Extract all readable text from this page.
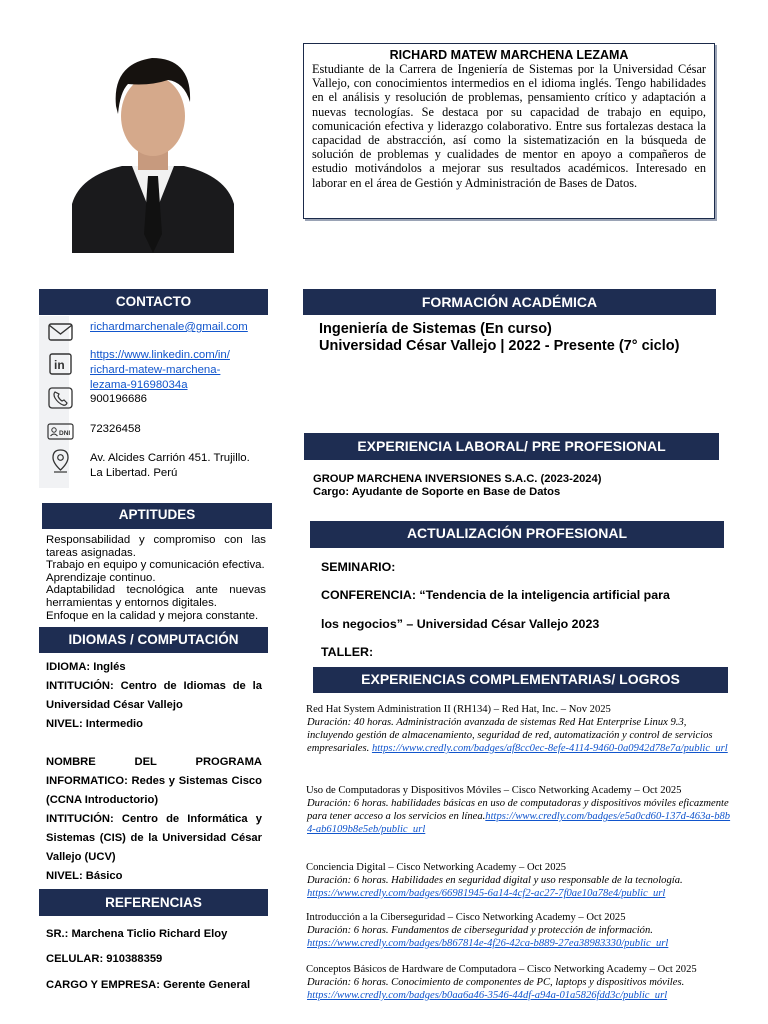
RICHARD MATEW MARCHENA LEZAMA
Estudiante de la Carrera de Ingeniería de Sistemas por la Universidad César Vallejo, con conocimientos intermedios en el idioma inglés. Tengo habilidades en el análisis y resolución de problemas, pensamiento crítico y adaptación a nuevas tecnologías. Se destaca por su capacidad de trabajo en equipo, comunicación efectiva y liderazgo colaborativo. Entre sus fortalezas destaca la capacidad de abstracción, así como la sistematización en la búsqueda de solución de problemas y cualidades de mentor en apoyo a compañeros de estudio motivándolos a mejorar sus resultados académicos. Interesado en laborar en el área de Gestión y Administración de Bases de Datos.
CONTACTO
in
DNI
richardmarchenale@gmail.com
https://www.linkedin.com/in/
richard-matew-marchena-
lezama-91698034a
900196686
72326458
Av. Alcides Carrión 451. Trujillo.
La Libertad. Perú
APTITUDES
Responsabilidad y compromiso con las tareas asignadas.
Trabajo en equipo y comunicación efectiva.
Aprendizaje continuo.
Adaptabilidad tecnológica ante nuevas herramientas y entornos digitales.
Enfoque en la calidad y mejora constante.
IDIOMAS / COMPUTACIÓN
IDIOMA: Inglés
INTITUCIÓN: Centro de Idiomas de la Universidad César Vallejo
NIVEL: Intermedio
NOMBRE DEL PROGRAMA INFORMATICO: Redes y Sistemas Cisco (CCNA Introductorio)
INTITUCIÓN: Centro de Informática y Sistemas (CIS) de la Universidad César Vallejo (UCV)
NIVEL: Básico
REFERENCIAS
SR.: Marchena Ticlio Richard Eloy
CELULAR: 910388359
CARGO Y EMPRESA: Gerente General
FORMACIÓN ACADÉMICA
Ingeniería de Sistemas (En curso)
Universidad César Vallejo | 2022 - Presente (7° ciclo)
EXPERIENCIA LABORAL/ PRE PROFESIONAL
GROUP MARCHENA INVERSIONES S.A.C. (2023-2024)
Cargo: Ayudante de Soporte en Base de Datos
ACTUALIZACIÓN PROFESIONAL
SEMINARIO:
CONFERENCIA: “Tendencia de la inteligencia artificial para
los negocios” – Universidad César Vallejo 2023
TALLER:
EXPERIENCIAS COMPLEMENTARIAS/ LOGROS
Red Hat System Administration II (RH134) – Red Hat, Inc. – Nov 2025
Duración: 40 horas. Administración avanzada de sistemas Red Hat Enterprise Linux 9.3, incluyendo gestión de almacenamiento, seguridad de red, automatización y control de servicios empresariales. https://www.credly.com/badges/af8cc0ec-8efe-4114-9460-0a0942d78e7a/public_url
Uso de Computadoras y Dispositivos Móviles – Cisco Networking Academy – Oct 2025
Duración: 6 horas. habilidades básicas en uso de computadoras y dispositivos móviles eficazmente para tener acceso a los servicios en línea.https://www.credly.com/badges/e5a0cd60-137d-463a-b8b4-ab6109b8e5eb/public_url
Conciencia Digital – Cisco Networking Academy – Oct 2025
Duración: 6 horas. Habilidades en seguridad digital y uso responsable de la tecnología.
https://www.credly.com/badges/66981945-6a14-4cf2-ac27-7f0ae10a78e4/public_url
Introducción a la Ciberseguridad – Cisco Networking Academy – Oct 2025
Duración: 6 horas. Fundamentos de ciberseguridad y protección de información.
https://www.credly.com/badges/b867814e-4f26-42ca-b889-27ea38983330/public_url
Conceptos Básicos de Hardware de Computadora – Cisco Networking Academy – Oct 2025
Duración: 6 horas. Conocimiento de componentes de PC, laptops y dispositivos móviles.
https://www.credly.com/badges/b0aa6a46-3546-44df-a94a-01a5826fdd3c/public_url
